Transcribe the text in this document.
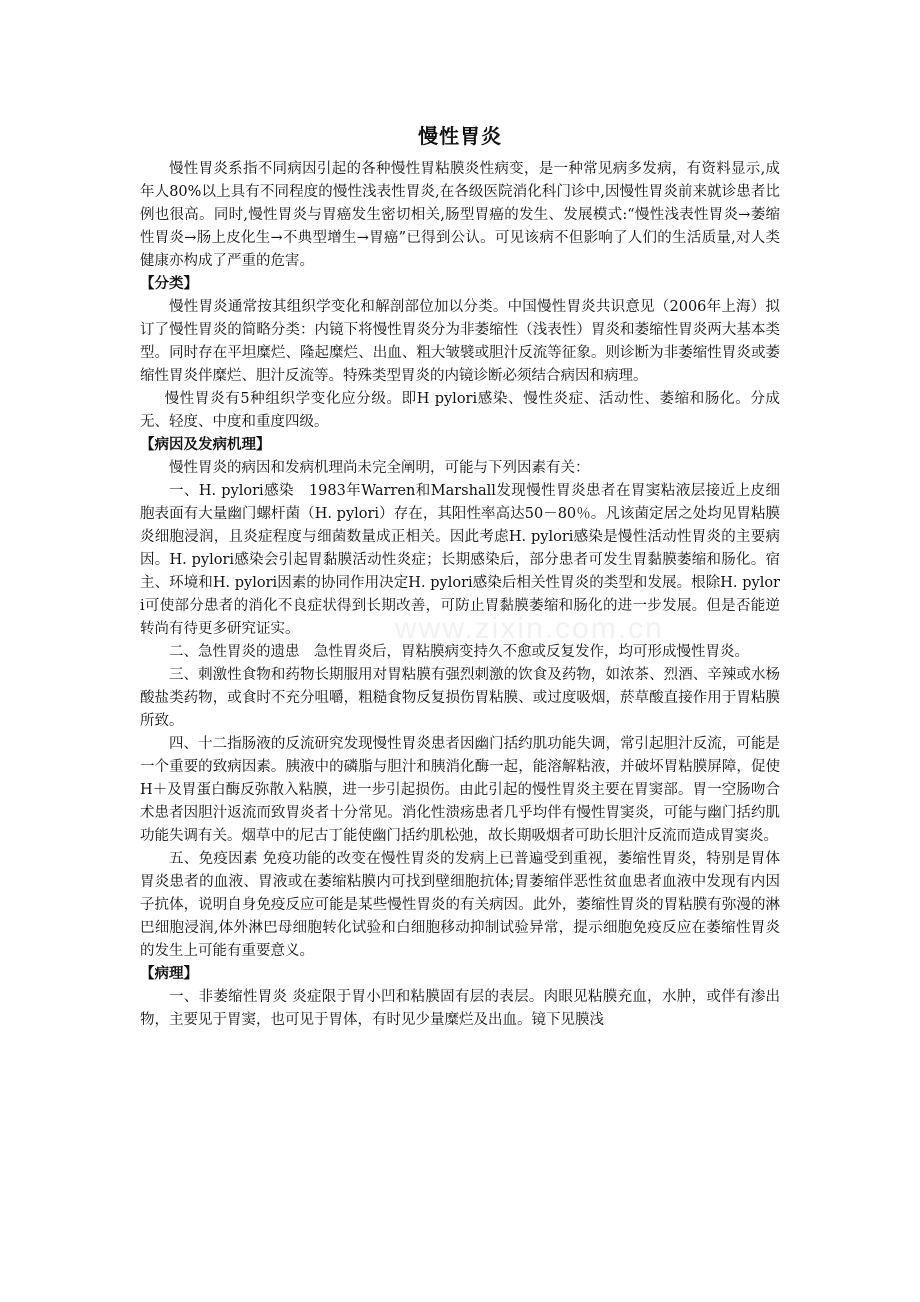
www.zixin.com.cn
慢性胃炎

慢性胃炎系指不同病因引起的各种慢性胃粘膜炎性病变，是一种常见病多发病，有资料显示,成年人80%以上具有不同程度的慢性浅表性胃炎,在各级医院消化科门诊中,因慢性胃炎前来就诊患者比例也很高。同时,慢性胃炎与胃癌发生密切相关,肠型胃癌的发生、发展模式:“慢性浅表性胃炎→萎缩性胃炎→肠上皮化生→不典型增生→胃癌”已得到公认。可见该病不但影响了人们的生活质量,对人类健康亦构成了严重的危害。

【分类】

慢性胃炎通常按其组织学变化和解剖部位加以分类。中国慢性胃炎共识意见（2006年上海）拟订了慢性胃炎的简略分类：内镜下将慢性胃炎分为非萎缩性（浅表性）胃炎和萎缩性胃炎两大基本类型。同时存在平坦糜烂、隆起糜烂、出血、粗大皱襞或胆汁反流等征象。则诊断为非萎缩性胃炎或萎缩性胃炎伴糜烂、胆汁反流等。特殊类型胃炎的内镜诊断必须结合病因和病理。

慢性胃炎有5种组织学变化应分级。即H pylori感染、慢性炎症、活动性、萎缩和肠化。分成无、轻度、中度和重度四级。

【病因及发病机理】

慢性胃炎的病因和发病机理尚未完全阐明，可能与下列因素有关：

一、H. pylori感染　1983年Warren和Marshall发现慢性胃炎患者在胃窦粘液层接近上皮细胞表面有大量幽门螺杆菌（H. pylori）存在，其阳性率高达50－80％。凡该菌定居之处均见胃粘膜炎细胞浸润，且炎症程度与细菌数量成正相关。因此考虑H. pylori感染是慢性活动性胃炎的主要病因。H. pylori感染会引起胃黏膜活动性炎症；长期感染后，部分患者可发生胃黏膜萎缩和肠化。宿主、环境和H. pylori因素的协同作用决定H. pylori感染后相关性胃炎的类型和发展。根除H. pylori可使部分患者的消化不良症状得到长期改善，可防止胃黏膜萎缩和肠化的进一步发展。但是否能逆转尚有待更多研究证实。

二、急性胃炎的遗患　急性胃炎后，胃粘膜病变持久不愈或反复发作，均可形成慢性胃炎。

三、刺激性食物和药物长期服用对胃粘膜有强烈刺激的饮食及药物，如浓茶、烈酒、辛辣或水杨酸盐类药物，或食时不充分咀嚼，粗糙食物反复损伤胃粘膜、或过度吸烟，菸草酸直接作用于胃粘膜所致。

四、十二指肠液的反流研究发现慢性胃炎患者因幽门括约肌功能失调，常引起胆汁反流，可能是一个重要的致病因素。胰液中的磷脂与胆汁和胰消化酶一起，能溶解粘液，并破坏胃粘膜屏障，促使H＋及胃蛋白酶反弥散入粘膜，进一步引起损伤。由此引起的慢性胃炎主要在胃窦部。胃一空肠吻合术患者因胆汁返流而致胃炎者十分常见。消化性溃疡患者几乎均伴有慢性胃窦炎，可能与幽门括约肌功能失调有关。烟草中的尼古丁能使幽门括约肌松弛，故长期吸烟者可助长胆汁反流而造成胃窦炎。

五、免疫因素 免疫功能的改变在慢性胃炎的发病上已普遍受到重视，萎缩性胃炎，特别是胃体胃炎患者的血液、胃液或在萎缩粘膜内可找到壁细胞抗体;胃萎缩伴恶性贫血患者血液中发现有内因子抗体，说明自身免疫反应可能是某些慢性胃炎的有关病因。此外，萎缩性胃炎的胃粘膜有弥漫的淋巴细胞浸润,体外淋巴母细胞转化试验和白细胞移动抑制试验异常，提示细胞免疫反应在萎缩性胃炎的发生上可能有重要意义。

【病理】

一、非萎缩性胃炎 炎症限于胃小凹和粘膜固有层的表层。肉眼见粘膜充血，水肿，或伴有渗出物，主要见于胃窦，也可见于胃体，有时见少量糜烂及出血。镜下见膜浅
